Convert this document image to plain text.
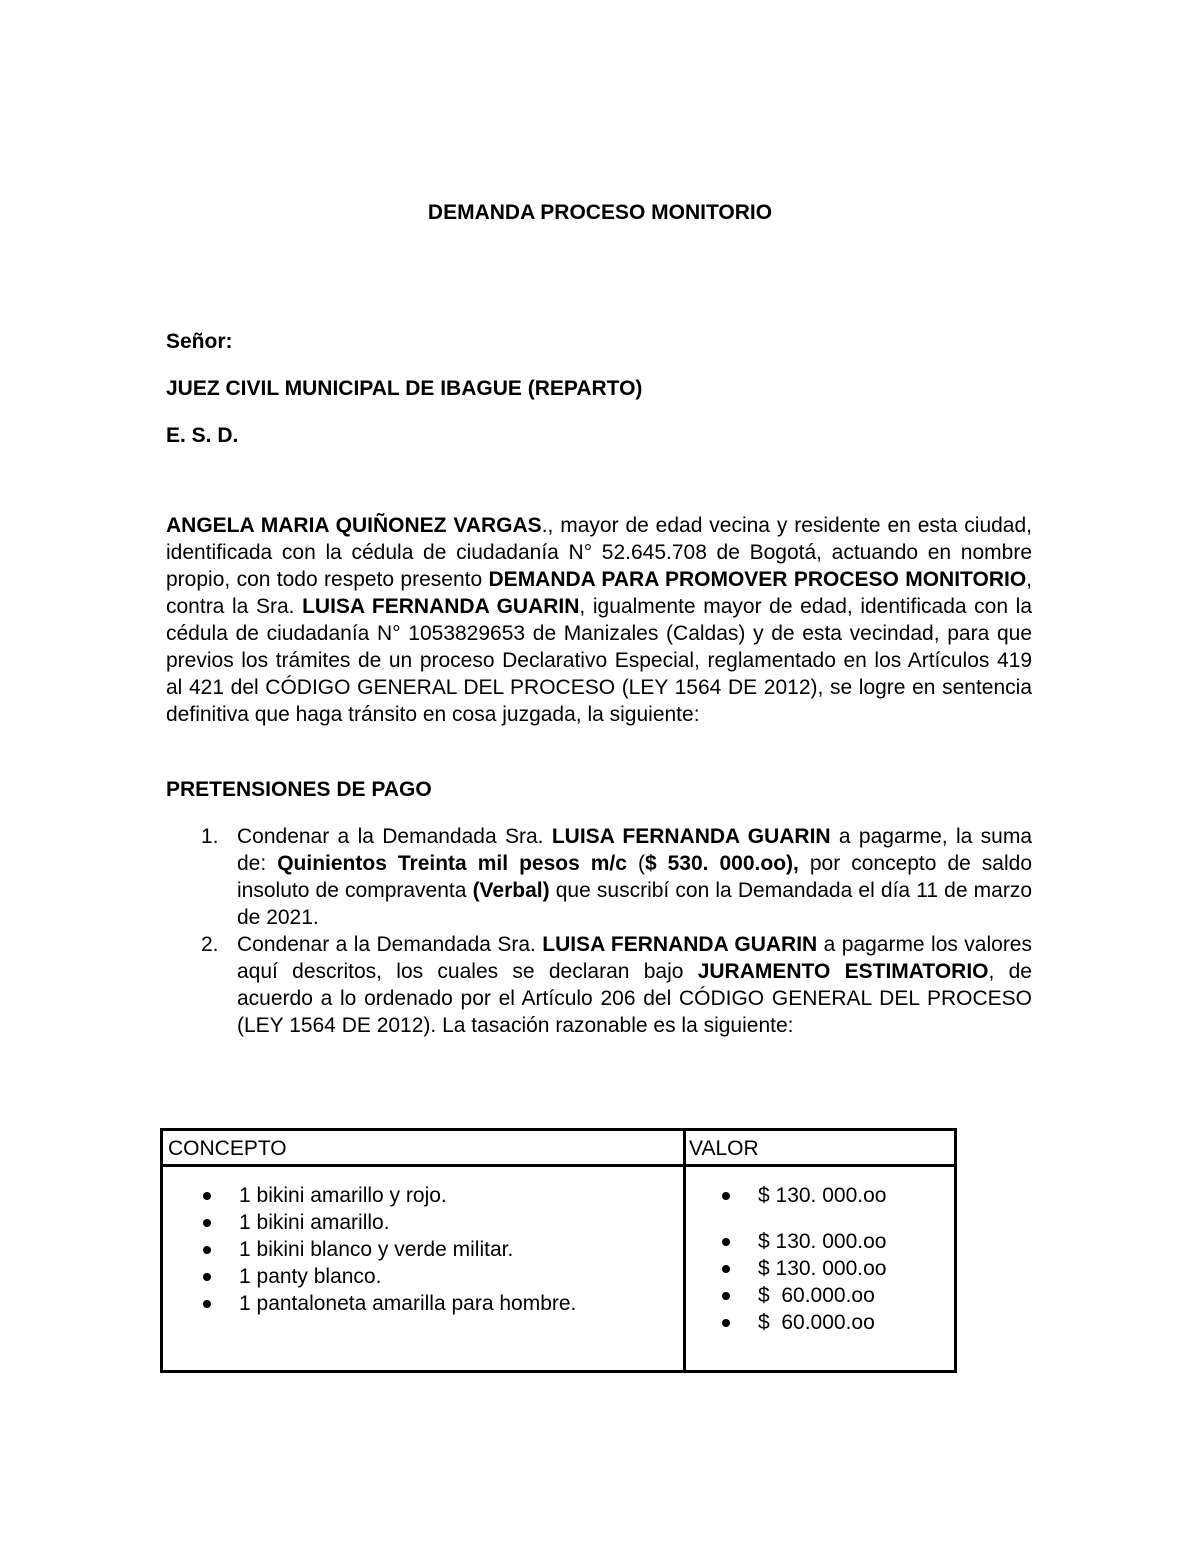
DEMANDA PROCESO MONITORIO

Señor:

JUEZ CIVIL MUNICIPAL DE IBAGUE (REPARTO)

E. S. D.

ANGELA MARIA QUIÑONEZ VARGAS., mayor de edad vecina y residente en esta ciudad, identificada con la cédula de ciudadanía N° 52.645.708 de Bogotá, actuando en nombre propio, con todo respeto presento DEMANDA PARA PROMOVER PROCESO MONITORIO, contra la Sra. LUISA FERNANDA GUARIN, igualmente mayor de edad, identificada con la cédula de ciudadanía N° 1053829653 de Manizales (Caldas) y de esta vecindad, para que previos los trámites de un proceso Declarativo Especial, reglamentado en los Artículos 419 al 421 del CÓDIGO GENERAL DEL PROCESO (LEY 1564 DE 2012), se logre en sentencia definitiva que haga tránsito en cosa juzgada, la siguiente:

PRETENSIONES DE PAGO

1. Condenar a la Demandada Sra. LUISA FERNANDA GUARIN a pagarme, la suma de: Quinientos Treinta mil pesos m/c ($ 530. 000.oo), por concepto de saldo insoluto de compraventa (Verbal) que suscribí con la Demandada el día 11 de marzo de 2021.
2. Condenar a la Demandada Sra. LUISA FERNANDA GUARIN a pagarme los valores aquí descritos, los cuales se declaran bajo JURAMENTO ESTIMATORIO, de acuerdo a lo ordenado por el Artículo 206 del CÓDIGO GENERAL DEL PROCESO (LEY 1564 DE 2012). La tasación razonable es la siguiente:
CONCEPTO	VALOR
1 bikini amarillo y rojo.
1 bikini amarillo.
1 bikini blanco y verde militar.
1 panty blanco.
1 pantaloneta amarilla para hombre.
$ 130. 000.oo
$ 130. 000.oo
$ 130. 000.oo
$  60.000.oo
$  60.000.oo
